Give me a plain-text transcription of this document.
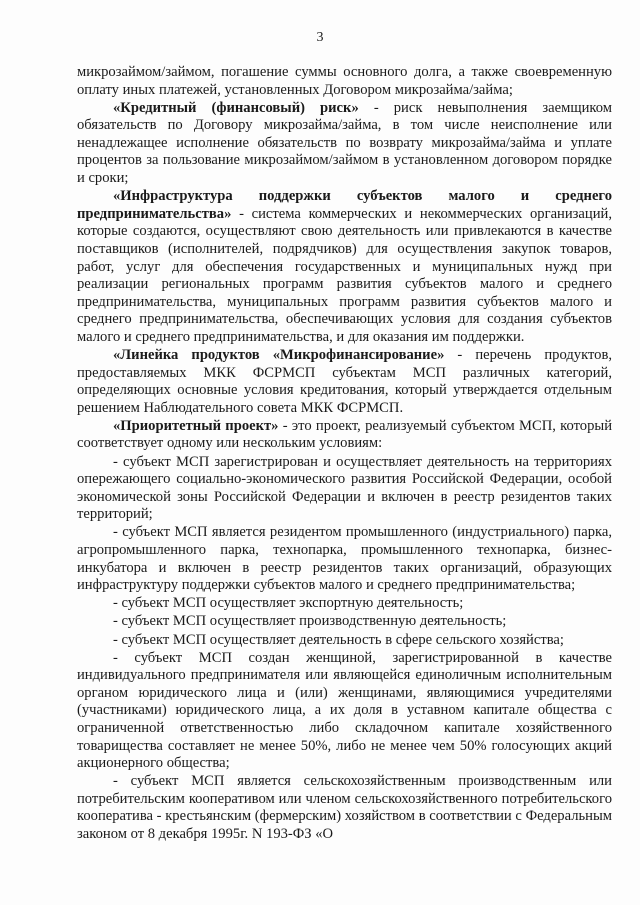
3

микрозаймом/займом, погашение суммы основного долга, а также своевременную оплату иных платежей, установленных Договором микрозайма/займа;

«Кредитный (финансовый) риск» - риск невыполнения заемщиком обязательств по Договору микрозайма/займа, в том числе неисполнение или ненадлежащее исполнение обязательств по возврату микрозайма/займа и уплате процентов за пользование микрозаймом/займом в установленном договором порядке и сроки;

«Инфраструктура поддержки субъектов малого и среднего предпринимательства» - система коммерческих и некоммерческих организаций, которые создаются, осуществляют свою деятельность или привлекаются в качестве поставщиков (исполнителей, подрядчиков) для осуществления закупок товаров, работ, услуг для обеспечения государственных и муниципальных нужд при реализации региональных программ развития субъектов малого и среднего предпринимательства, муниципальных программ развития субъектов малого и среднего предпринимательства, обеспечивающих условия для создания субъектов малого и среднего предпринимательства, и для оказания им поддержки.

«Линейка продуктов «Микрофинансирование» - перечень продуктов, предоставляемых МКК ФСРМСП субъектам МСП различных категорий, определяющих основные условия кредитования, который утверждается отдельным решением Наблюдательного совета МКК ФСРМСП.

«Приоритетный проект» - это проект, реализуемый субъектом МСП, который соответствует одному или нескольким условиям:

- субъект МСП зарегистрирован и осуществляет деятельность на территориях опережающего социально-экономического развития Российской Федерации, особой экономической зоны Российской Федерации и включен в реестр резидентов таких территорий;

- субъект МСП является резидентом промышленного (индустриального) парка, агропромышленного парка, технопарка, промышленного технопарка, бизнес-инкубатора и включен в реестр резидентов таких организаций, образующих инфраструктуру поддержки субъектов малого и среднего предпринимательства;

- субъект МСП осуществляет экспортную деятельность;

- субъект МСП осуществляет производственную деятельность;

- субъект МСП осуществляет деятельность в сфере сельского хозяйства;

- субъект МСП создан женщиной, зарегистрированной в качестве индивидуального предпринимателя или являющейся единоличным исполнительным органом юридического лица и (или) женщинами, являющимися учредителями (участниками) юридического лица, а их доля в уставном капитале общества с ограниченной ответственностью либо складочном капитале хозяйственного товарищества составляет не менее 50%, либо не менее чем 50% голосующих акций акционерного общества;

- субъект МСП является сельскохозяйственным производственным или потребительским кооперативом или членом сельскохозяйственного потребительского кооператива - крестьянским (фермерским) хозяйством в соответствии с Федеральным законом от 8 декабря 1995г. N 193-ФЗ «О
